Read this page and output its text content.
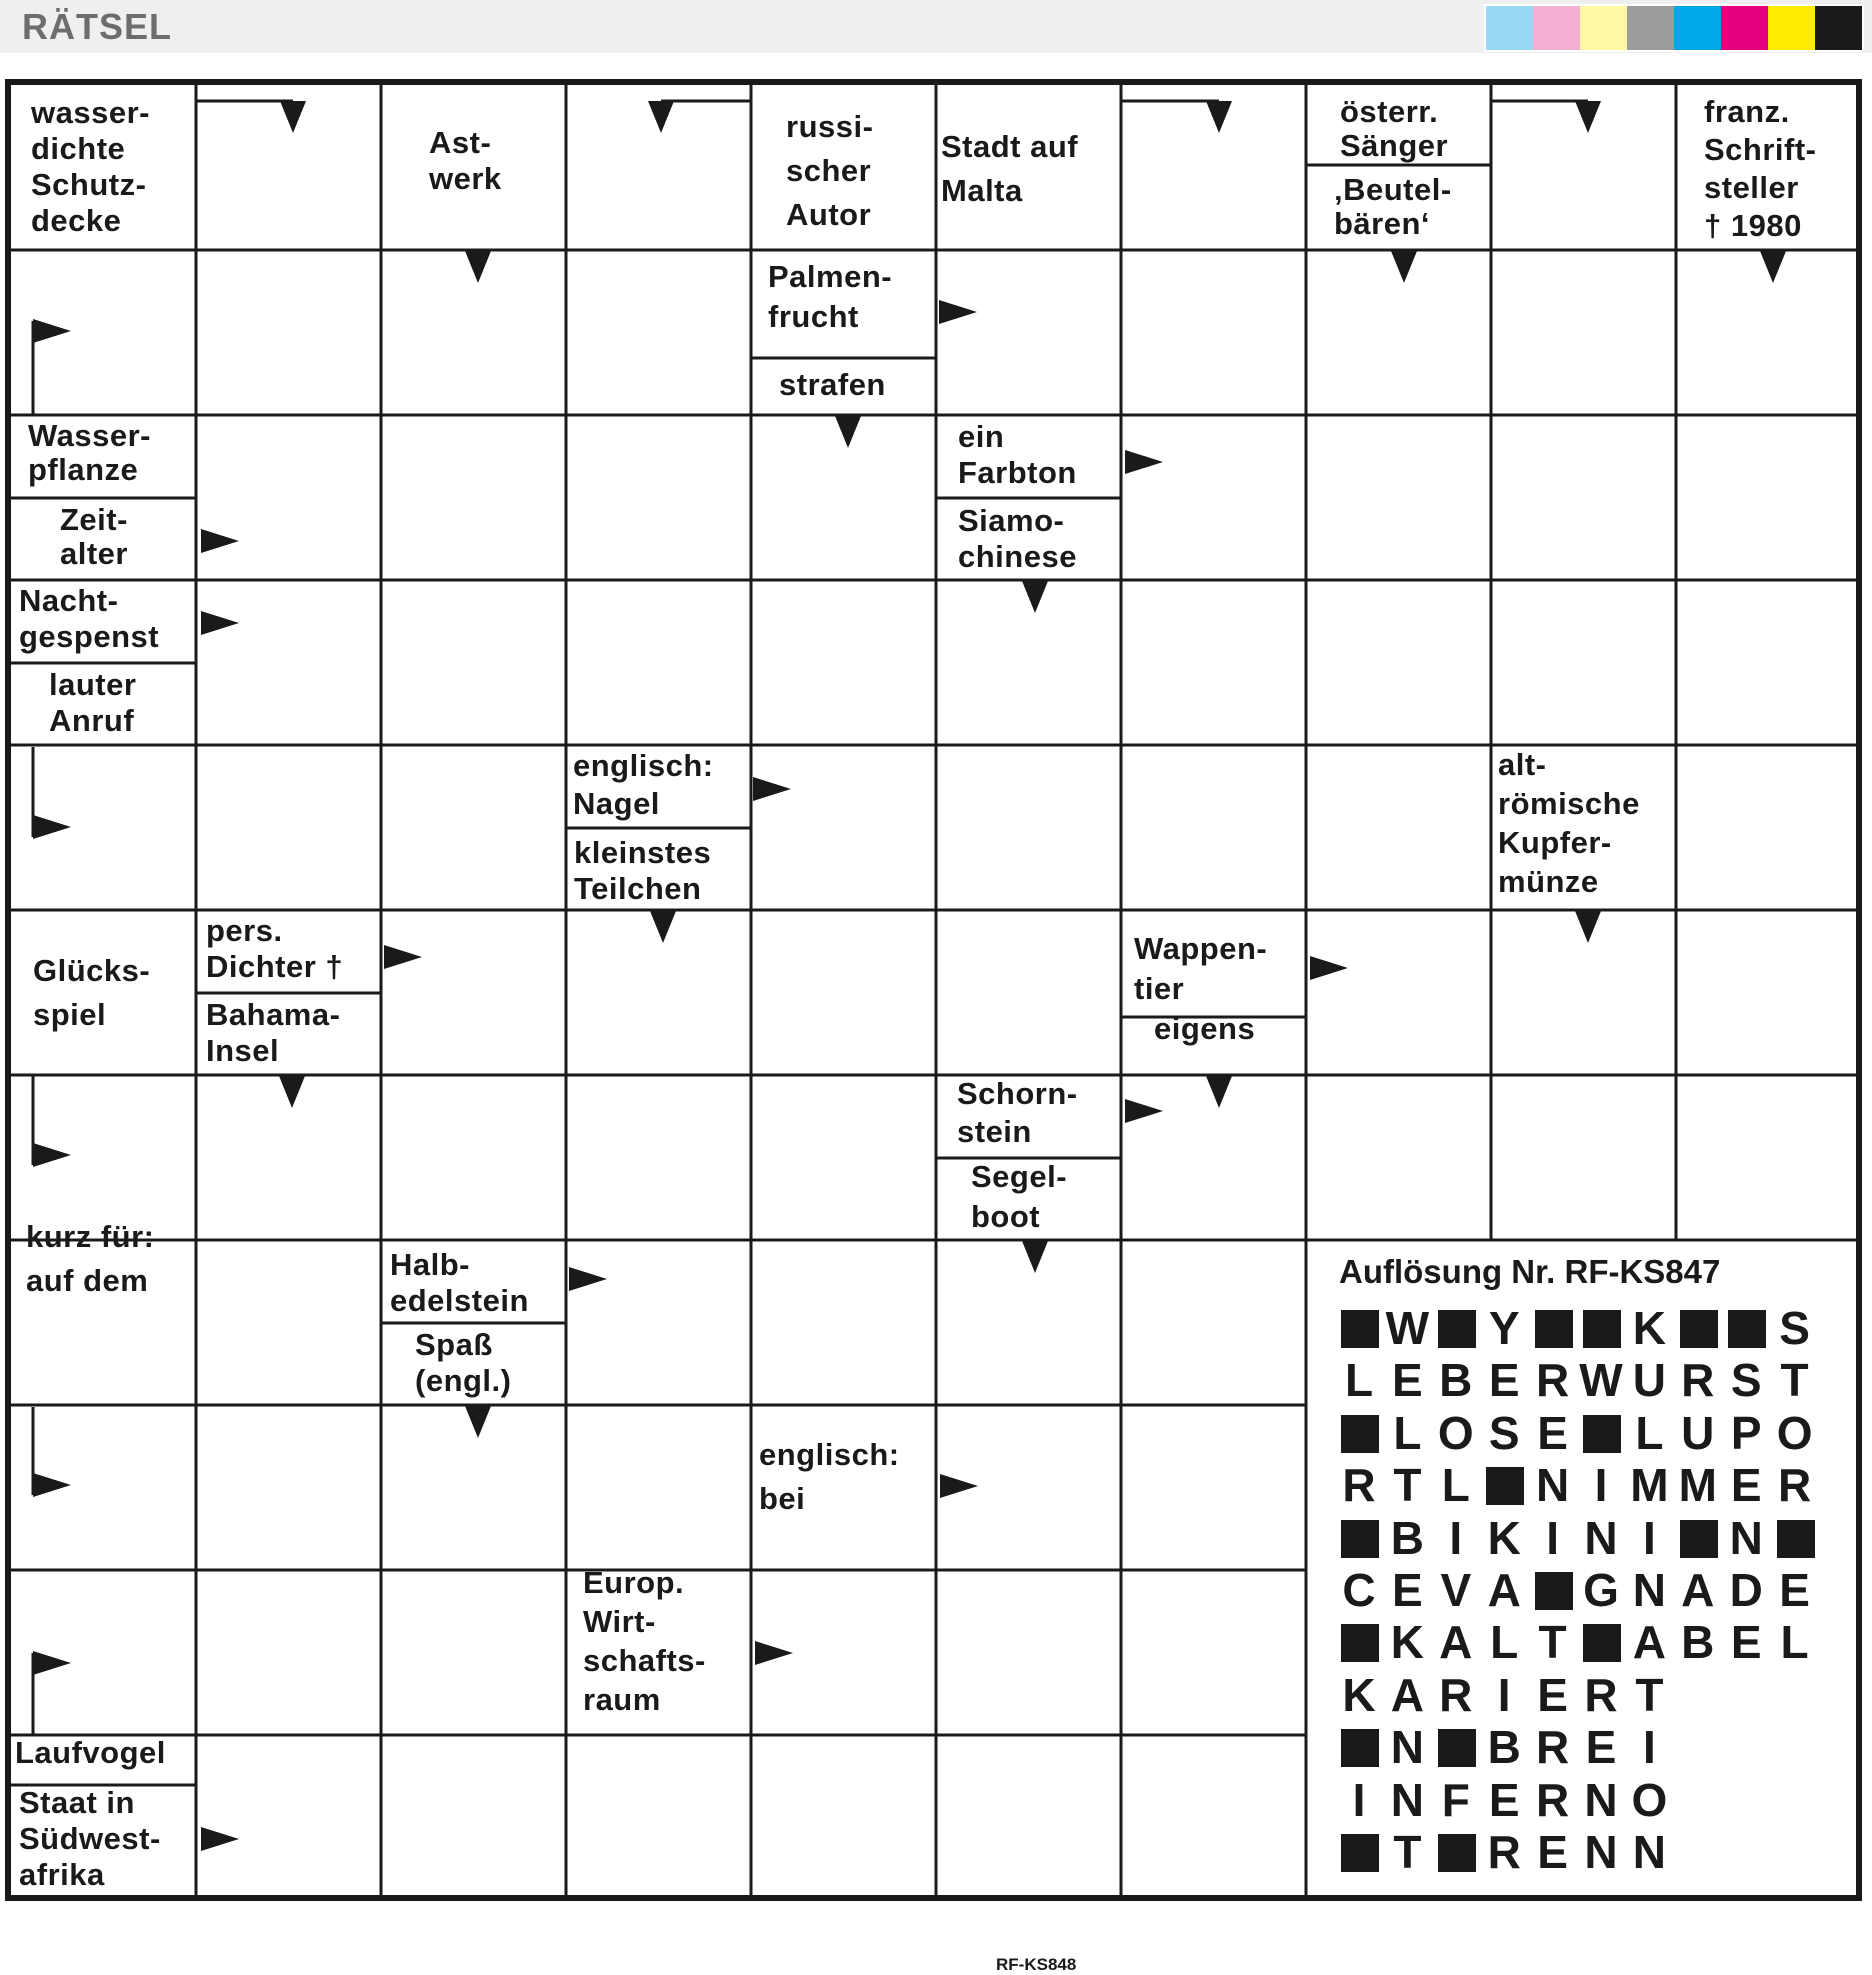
RÄTSEL
wasser-
dichte
Schutz-
decke
Ast-
werk
russi-
scher
Autor
Stadt auf
Malta
österr.
Sänger
‚Beutel-
bären‘
franz.
Schrift-
steller
† 1980
Palmen-
frucht
strafen
Wasser-
pflanze
Zeit-
alter
ein
Farbton
Siamo-
chinese
Nacht-
gespenst
lauter
Anruf
englisch:
Nagel
kleinstes
Teilchen
alt-
römische
Kupfer-
münze
Glücks-
spiel
pers.
Dichter †
Bahama-
Insel
Wappen-
tier
eigens
Schorn-
stein
Segel-
boot
kurz für:
auf dem	Halb-
edelstein
Spaß
(engl.)
englisch:
bei
Europ.
Wirt-
schafts-
raum
Laufvogel
Staat in
Südwest-
afrika
Auflösung Nr. RF-KS847
W Y K S
L E B E R W U R S T
L O S E L U P O
R T L N I M M E R
B I K I N I	N
C E V A G N A D E
K A L T A B E L
K A R I E R T
N B R E I
I N F E R N O
T R E N N
RF-KS848
